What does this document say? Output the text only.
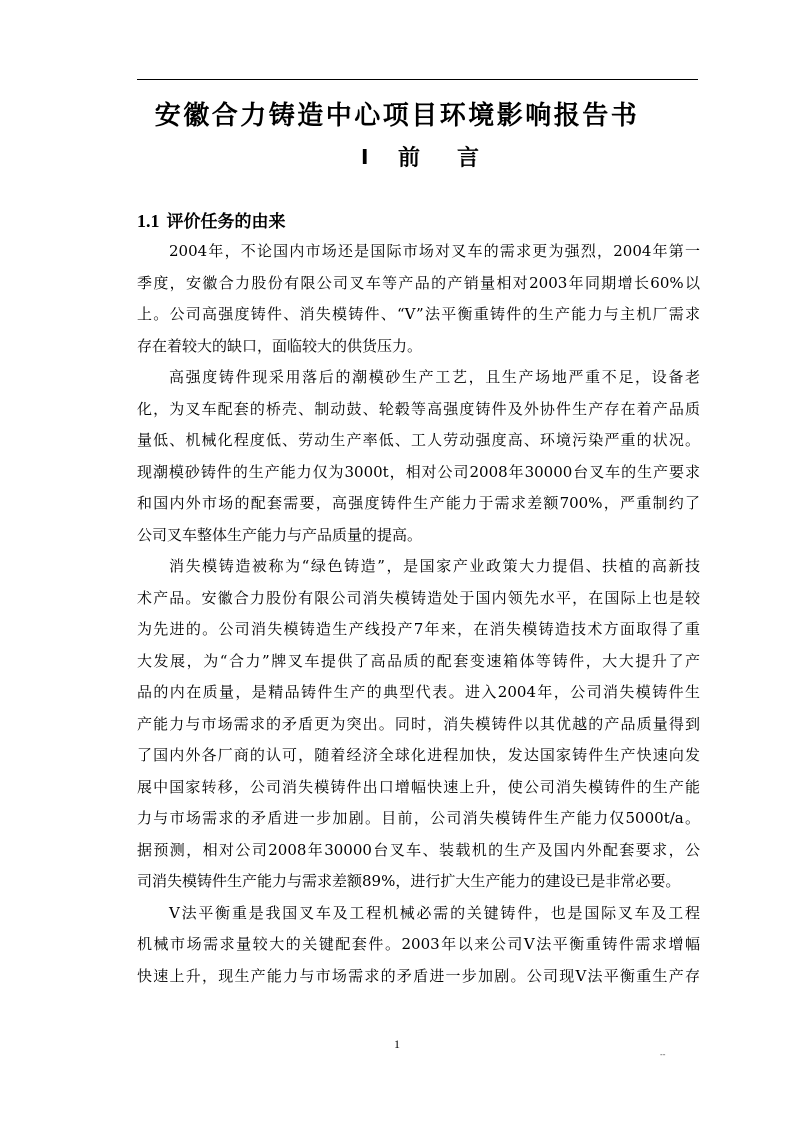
安徽合力铸造中心项目环境影响报告书
Ⅰ 前言
1.1 评价任务的由来
2004年，不论国内市场还是国际市场对叉车的需求更为强烈，2004年第一
季度，安徽合力股份有限公司叉车等产品的产销量相对2003年同期增长60%以
上。公司高强度铸件、消失模铸件、“V”法平衡重铸件的生产能力与主机厂需求
存在着较大的缺口，面临较大的供货压力。
高强度铸件现采用落后的潮模砂生产工艺，且生产场地严重不足，设备老
化，为叉车配套的桥壳、制动鼓、轮毂等高强度铸件及外协件生产存在着产品质
量低、机械化程度低、劳动生产率低、工人劳动强度高、环境污染严重的状况。
现潮模砂铸件的生产能力仅为3000t，相对公司2008年30000台叉车的生产要求
和国内外市场的配套需要，高强度铸件生产能力于需求差额700%，严重制约了
公司叉车整体生产能力与产品质量的提高。
消失模铸造被称为“绿色铸造”，是国家产业政策大力提倡、扶植的高新技
术产品。安徽合力股份有限公司消失模铸造处于国内领先水平，在国际上也是较
为先进的。公司消失模铸造生产线投产7年来，在消失模铸造技术方面取得了重
大发展，为“合力”牌叉车提供了高品质的配套变速箱体等铸件，大大提升了产
品的内在质量，是精品铸件生产的典型代表。进入2004年，公司消失模铸件生
产能力与市场需求的矛盾更为突出。同时，消失模铸件以其优越的产品质量得到
了国内外各厂商的认可，随着经济全球化进程加快，发达国家铸件生产快速向发
展中国家转移，公司消失模铸件出口增幅快速上升，使公司消失模铸件的生产能
力与市场需求的矛盾进一步加剧。目前，公司消失模铸件生产能力仅5000t/a。
据预测，相对公司2008年30000台叉车、装载机的生产及国内外配套要求，公
司消失模铸件生产能力与需求差额89%，进行扩大生产能力的建设已是非常必要。
V法平衡重是我国叉车及工程机械必需的关键铸件，也是国际叉车及工程
机械市场需求量较大的关键配套件。2003年以来公司V法平衡重铸件需求增幅
快速上升，现生产能力与市场需求的矛盾进一步加剧。公司现V法平衡重生产存
1
--
